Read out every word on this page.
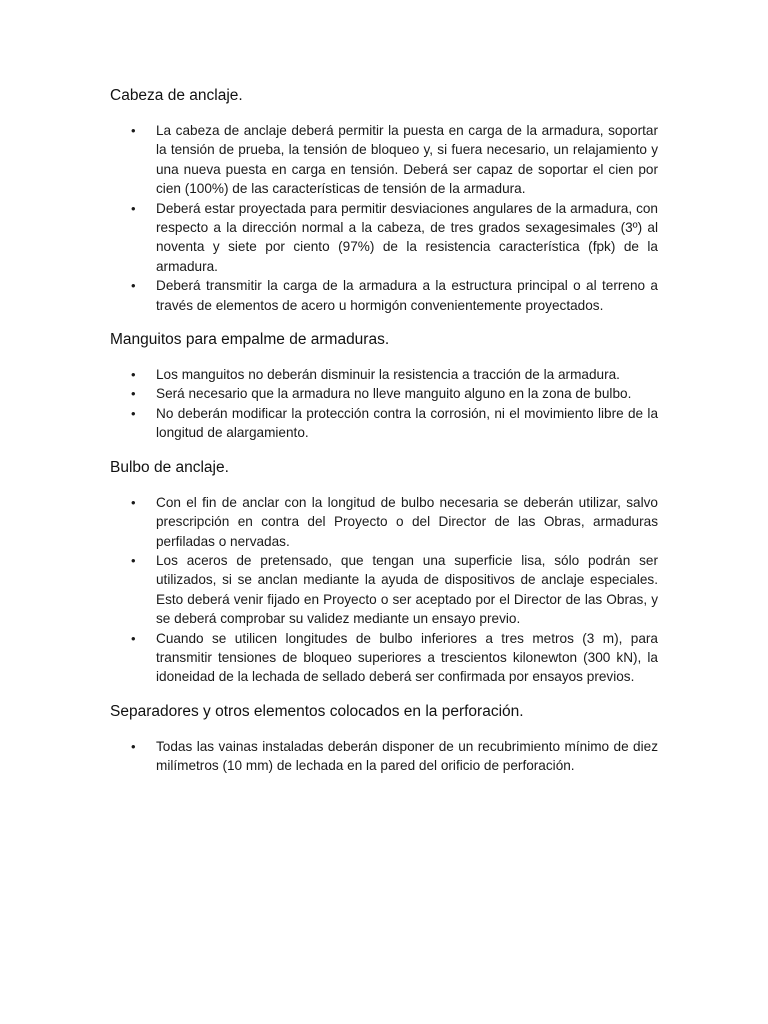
Cabeza de anclaje.
• La cabeza de anclaje deberá permitir la puesta en carga de la armadura, soportar la tensión de prueba, la tensión de bloqueo y, si fuera necesario, un relajamiento y una nueva puesta en carga en tensión. Deberá ser capaz de soportar el cien por cien (100%) de las características de tensión de la armadura.
• Deberá estar proyectada para permitir desviaciones angulares de la armadura, con respecto a la dirección normal a la cabeza, de tres grados sexagesimales (3º) al noventa y siete por ciento (97%) de la resistencia característica (fpk) de la armadura.
• Deberá transmitir la carga de la armadura a la estructura principal o al terreno a través de elementos de acero u hormigón convenientemente proyectados.
Manguitos para empalme de armaduras.
• Los manguitos no deberán disminuir la resistencia a tracción de la armadura.
• Será necesario que la armadura no lleve manguito alguno en la zona de bulbo.
• No deberán modificar la protección contra la corrosión, ni el movimiento libre de la longitud de alargamiento.
Bulbo de anclaje.
• Con el fin de anclar con la longitud de bulbo necesaria se deberán utilizar, salvo prescripción en contra del Proyecto o del Director de las Obras, armaduras perfiladas o nervadas.
• Los aceros de pretensado, que tengan una superficie lisa, sólo podrán ser utilizados, si se anclan mediante la ayuda de dispositivos de anclaje especiales. Esto deberá venir fijado en Proyecto o ser aceptado por el Director de las Obras, y se deberá comprobar su validez mediante un ensayo previo.
• Cuando se utilicen longitudes de bulbo inferiores a tres metros (3 m), para transmitir tensiones de bloqueo superiores a trescientos kilonewton (300 kN), la idoneidad de la lechada de sellado deberá ser confirmada por ensayos previos.
Separadores y otros elementos colocados en la perforación.
• Todas las vainas instaladas deberán disponer de un recubrimiento mínimo de diez milímetros (10 mm) de lechada en la pared del orificio de perforación.
